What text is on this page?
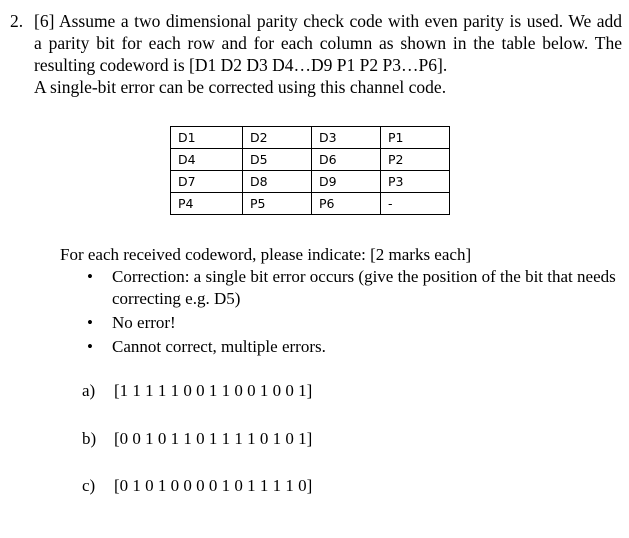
2. [6] Assume a two dimensional parity check code with even parity is used. We add
a parity bit for each row and for each column as shown in the table below. The
resulting codeword is [D1 D2 D3 D4…D9 P1 P2 P3…P6].
A single-bit error can be corrected using this channel code.
D1	D2	D3	P1
D4	D5	D6	P2
D7	D8	D9	P3
P4	P5	P6	-
For each received codeword, please indicate: [2 marks each]
• Correction: a single bit error occurs (give the position of the bit that needs correcting e.g. D5)
• No error!
• Cannot correct, multiple errors.
a) [1 1 1 1 1 0 0 1 1 0 0 1 0 0 1]
b) [0 0 1 0 1 1 0 1 1 1 1 0 1 0 1]
c) [0 1 0 1 0 0 0 0 1 0 1 1 1 1 0]
